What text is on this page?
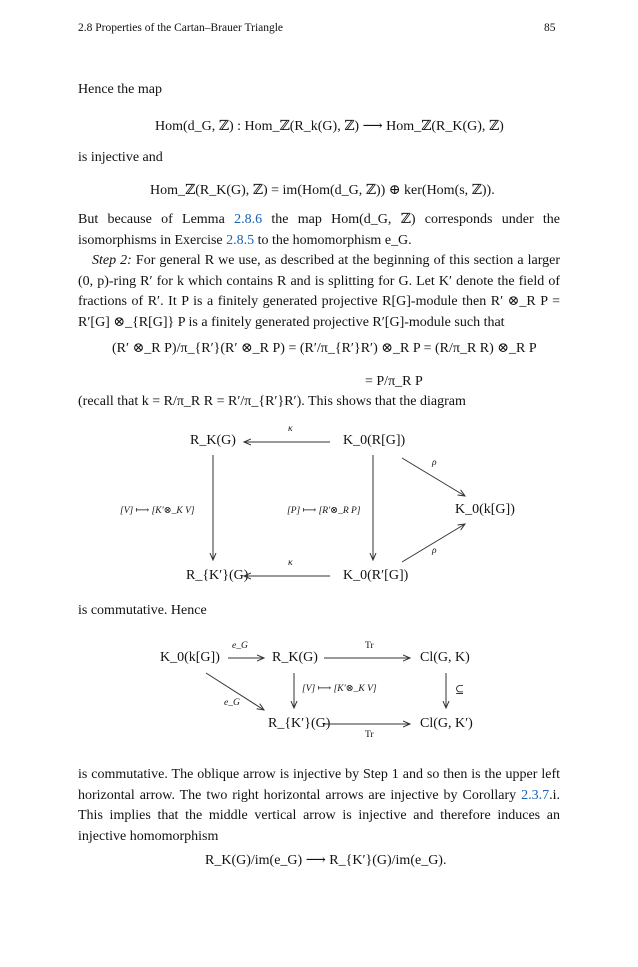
2.8 Properties of the Cartan–Brauer Triangle	85
Hence the map
Hom(d_G, ℤ) : Hom_ℤ(R_k(G), ℤ) ⟶ Hom_ℤ(R_K(G), ℤ)
is injective and
Hom_ℤ(R_K(G), ℤ) = im(Hom(d_G, ℤ)) ⊕ ker(Hom(s, ℤ)).
But because of Lemma 2.8.6 the map Hom(d_G, ℤ) corresponds under the isomorphisms in Exercise 2.8.5 to the homomorphism e_G.
Step 2: For general R we use, as described at the beginning of this section a larger (0, p)-ring R′ for k which contains R and is splitting for G. Let K′ denote the field of fractions of R′. It P is a finitely generated projective R[G]-module then R′ ⊗_R P = R′[G] ⊗_{R[G]} P is a finitely generated projective R′[G]-module such that
(R′ ⊗_R P)/π_{R′}(R′ ⊗_R P) = (R′/π_{R′}R′) ⊗_R P = (R/π_R R) ⊗_R P
= P/π_R P
(recall that k = R/π_R R = R′/π_{R′}R′). This shows that the diagram
R_K(G)	K_0(R[G])
K_0(k[G])
R_{K′}(G)	K_0(R′[G])
κ
κ
ρ
ρ
[V] ⟼ [K′⊗_K V]	[P] ⟼ [R′⊗_R P]
is commutative. Hence
K_0(k[G])	R_K(G)	Cl(G, K)
R_{K′}(G)	Cl(G, K′)
e_G
e_G
Tr
Tr
[V] ⟼ [K′⊗_K V]	⊆
is commutative. The oblique arrow is injective by Step 1 and so then is the upper left horizontal arrow. The two right horizontal arrows are injective by Corollary 2.3.7.i. This implies that the middle vertical arrow is injective and therefore induces an injective homomorphism
R_K(G)/im(e_G) ⟶ R_{K′}(G)/im(e_G).
